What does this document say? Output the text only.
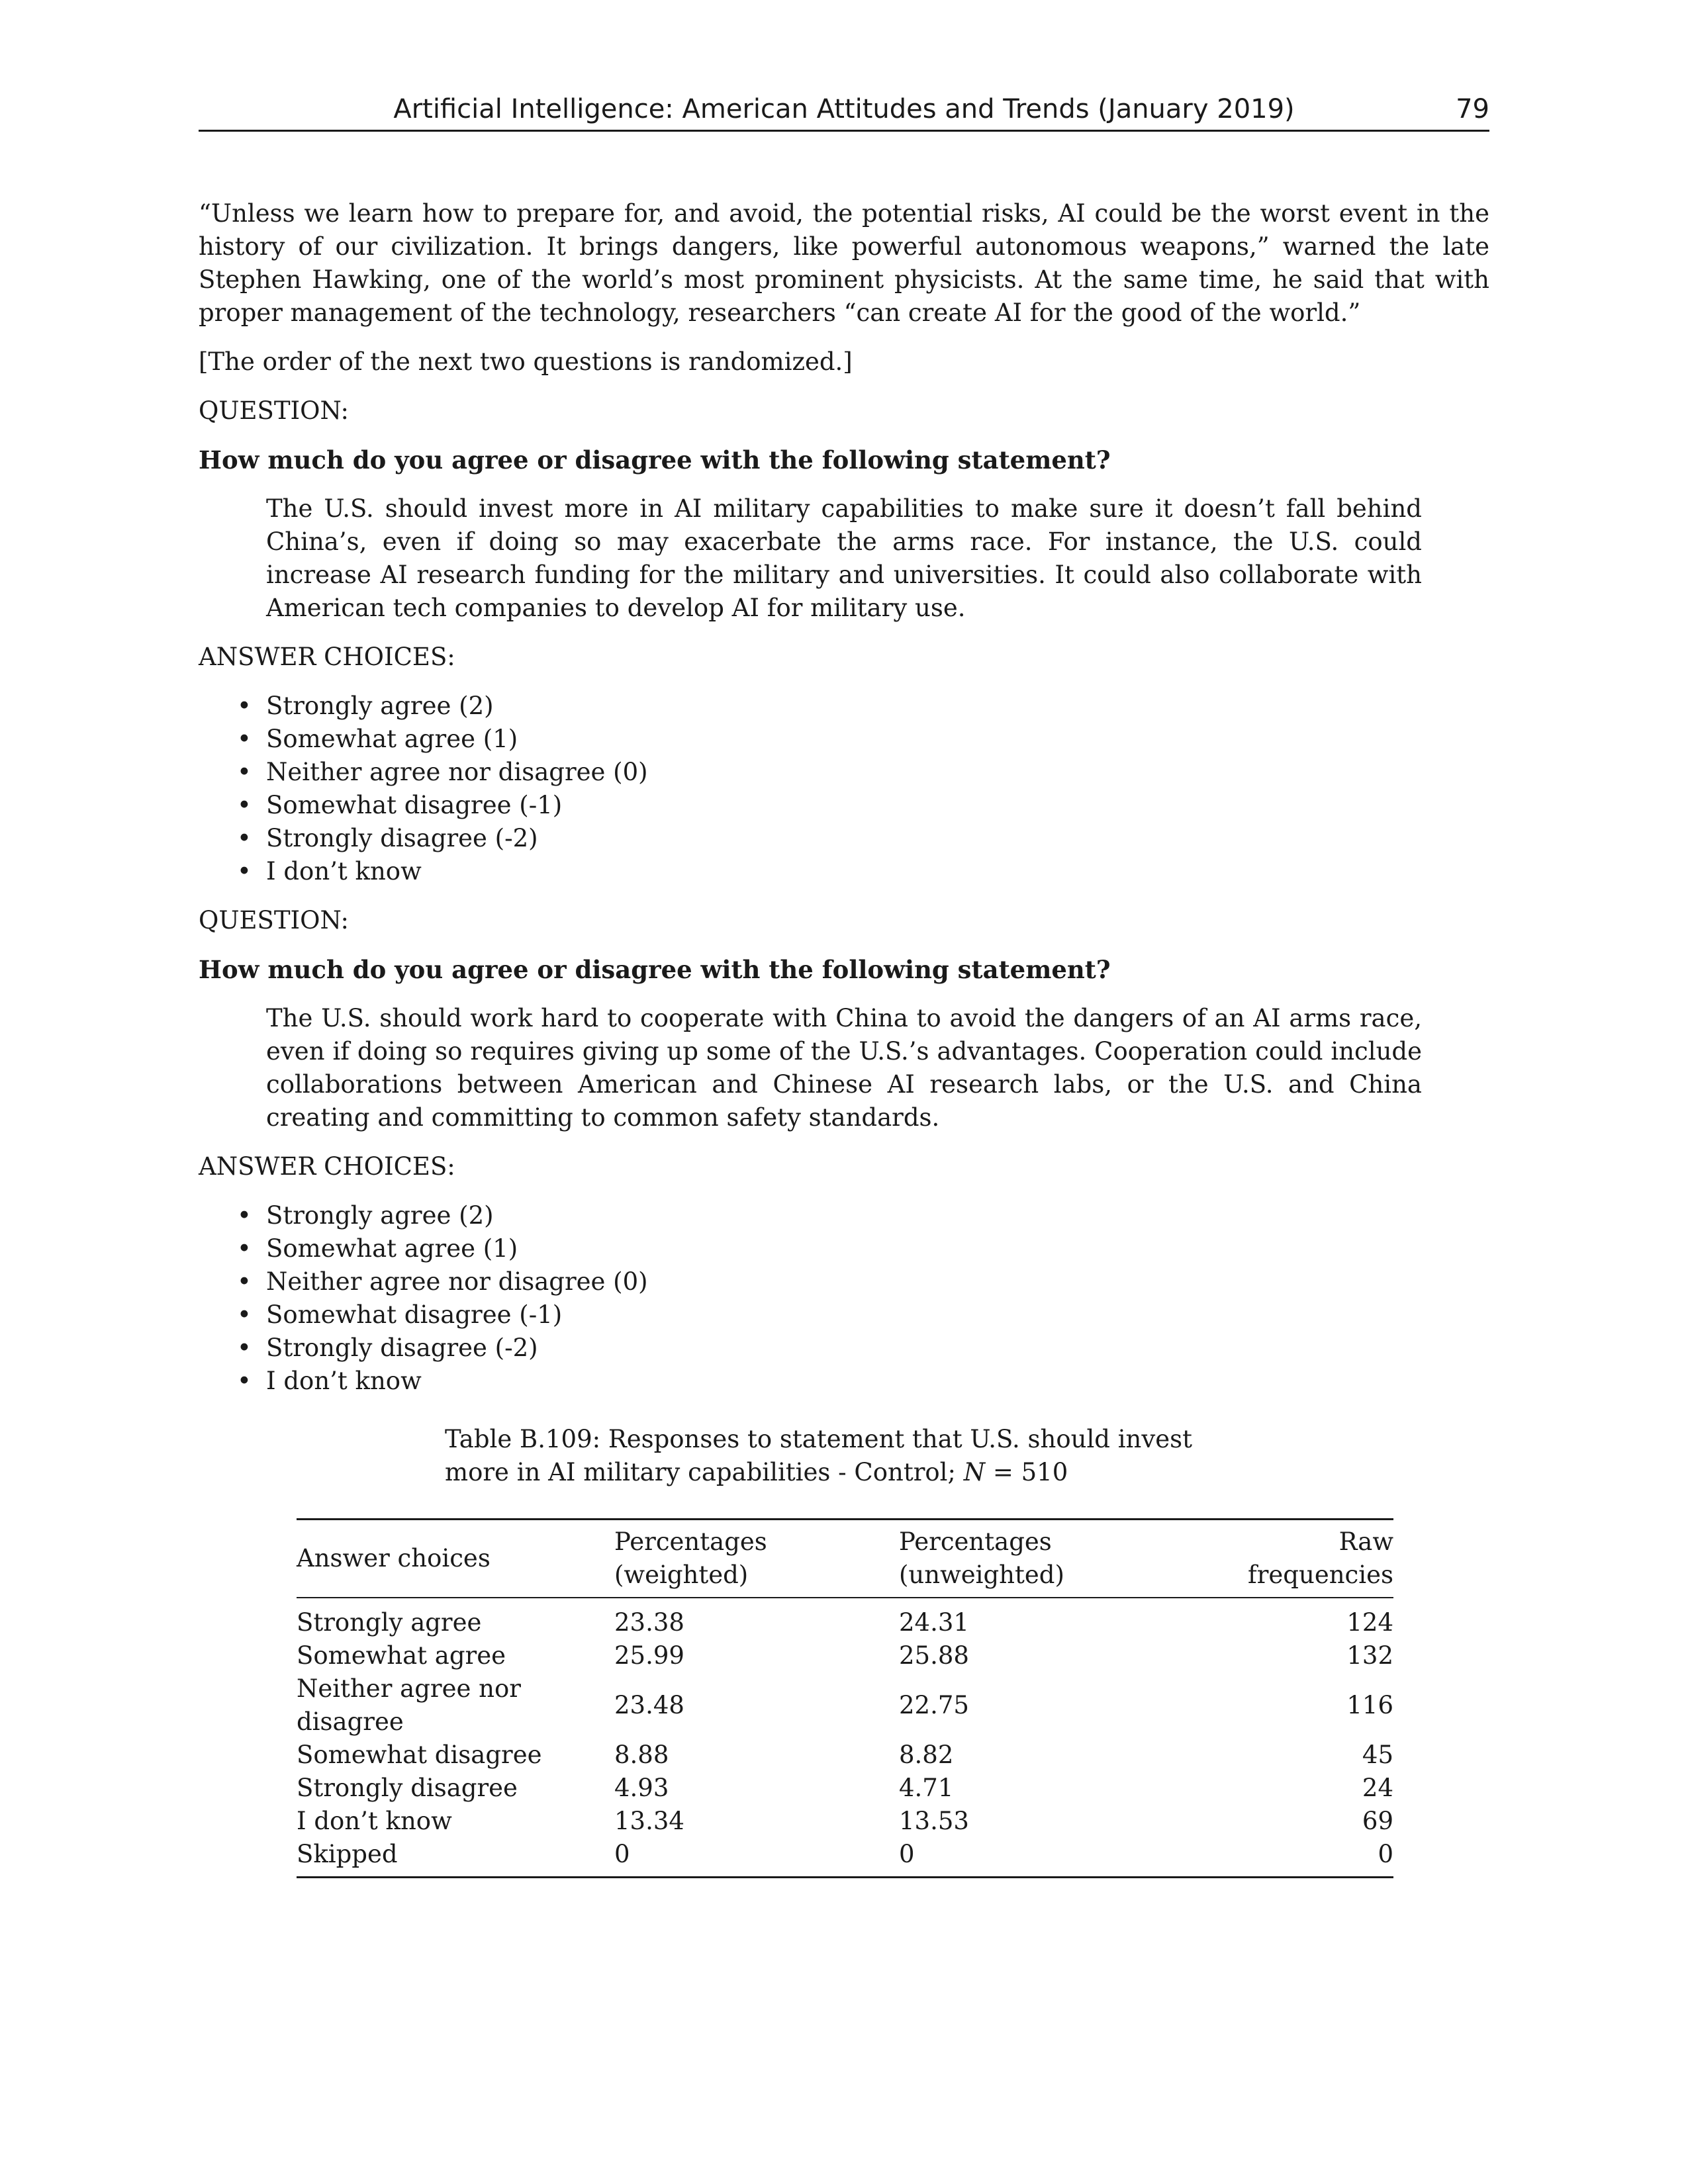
Artificial Intelligence: American Attitudes and Trends (January 2019)	79

“Unless we learn how to prepare for, and avoid, the potential risks, AI could be the worst event in the history of our civilization. It brings dangers, like powerful autonomous weapons,” warned the late Stephen Hawking, one of the world’s most prominent physicists. At the same time, he said that with proper management of the technology, researchers “can create AI for the good of the world.”

[The order of the next two questions is randomized.]

QUESTION:

How much do you agree or disagree with the following statement?

The U.S. should invest more in AI military capabilities to make sure it doesn’t fall behind China’s, even if doing so may exacerbate the arms race. For instance, the U.S. could increase AI research funding for the military and universities. It could also collaborate with American tech companies to develop AI for military use.

ANSWER CHOICES:

• Strongly agree (2)
• Somewhat agree (1)
• Neither agree nor disagree (0)
• Somewhat disagree (-1)
• Strongly disagree (-2)
• I don’t know

QUESTION:

How much do you agree or disagree with the following statement?

The U.S. should work hard to cooperate with China to avoid the dangers of an AI arms race, even if doing so requires giving up some of the U.S.’s advantages. Cooperation could include collaborations between American and Chinese AI research labs, or the U.S. and China creating and committing to common safety standards.

ANSWER CHOICES:

• Strongly agree (2)
• Somewhat agree (1)
• Neither agree nor disagree (0)
• Somewhat disagree (-1)
• Strongly disagree (-2)
• I don’t know

Table B.109: Responses to statement that U.S. should invest more in AI military capabilities - Control; N = 510

Answer choices	Percentages (weighted)	Percentages (unweighted)	Raw frequencies
Strongly agree	23.38	24.31	124
Somewhat agree	25.99	25.88	132
Neither agree nor disagree	23.48	22.75	116
Somewhat disagree	8.88	8.82	45
Strongly disagree	4.93	4.71	24
I don’t know	13.34	13.53	69
Skipped	0	0	0
